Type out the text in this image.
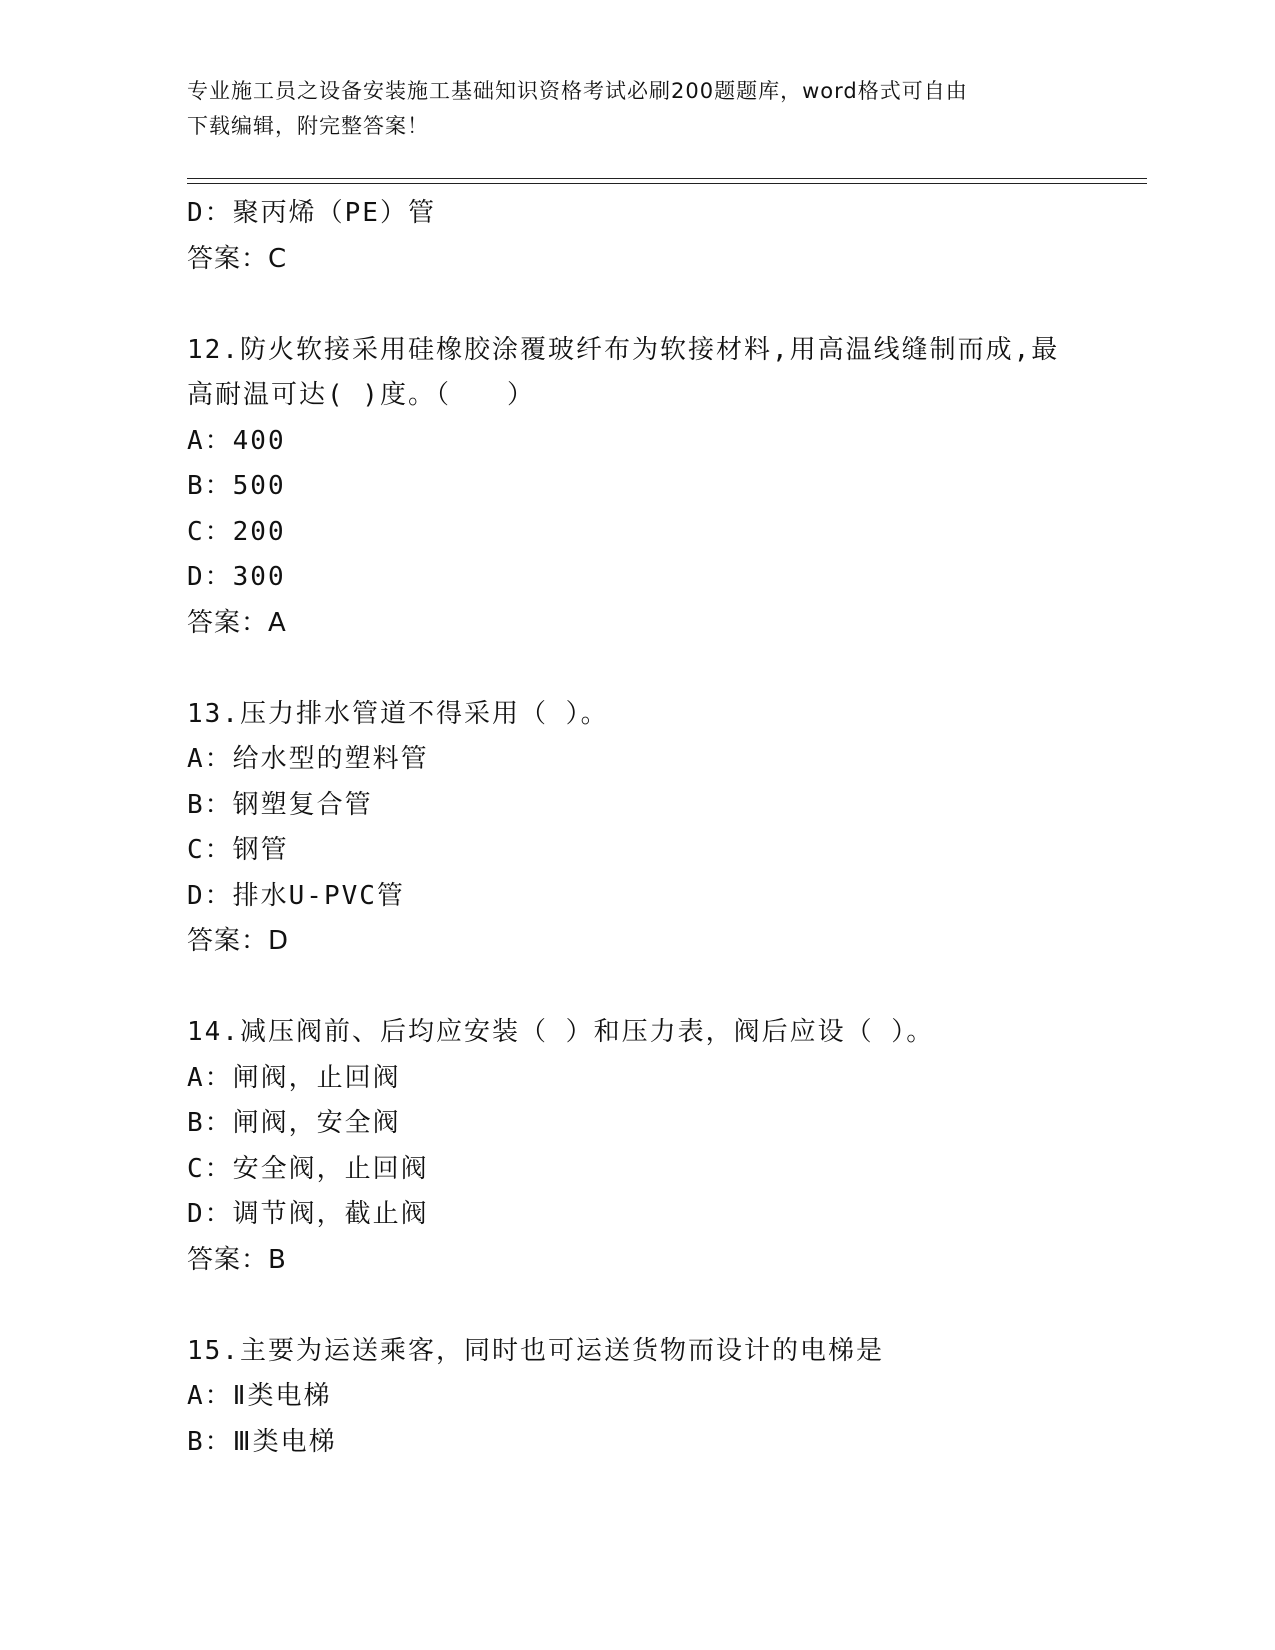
专业施工员之设备安装施工基础知识资格考试必刷200题题库，word格式可自由
下载编辑，附完整答案！
D：聚丙烯（PE）管
答案：C
12.防火软接采用硅橡胶涂覆玻纤布为软接材料,用高温线缝制而成,最高耐温可达( )度。（　　）
A：400
B：500
C：200
D：300
答案：A
13.压力排水管道不得采用（ ）。
A：给水型的塑料管
B：钢塑复合管
C：钢管
D：排水U-PVC管
答案：D
14.减压阀前、后均应安装（ ）和压力表，阀后应设（ ）。
A：闸阀，止回阀
B：闸阀，安全阀
C：安全阀，止回阀
D：调节阀，截止阀
答案：B
15.主要为运送乘客，同时也可运送货物而设计的电梯是
A：Ⅱ类电梯
B：Ⅲ类电梯
